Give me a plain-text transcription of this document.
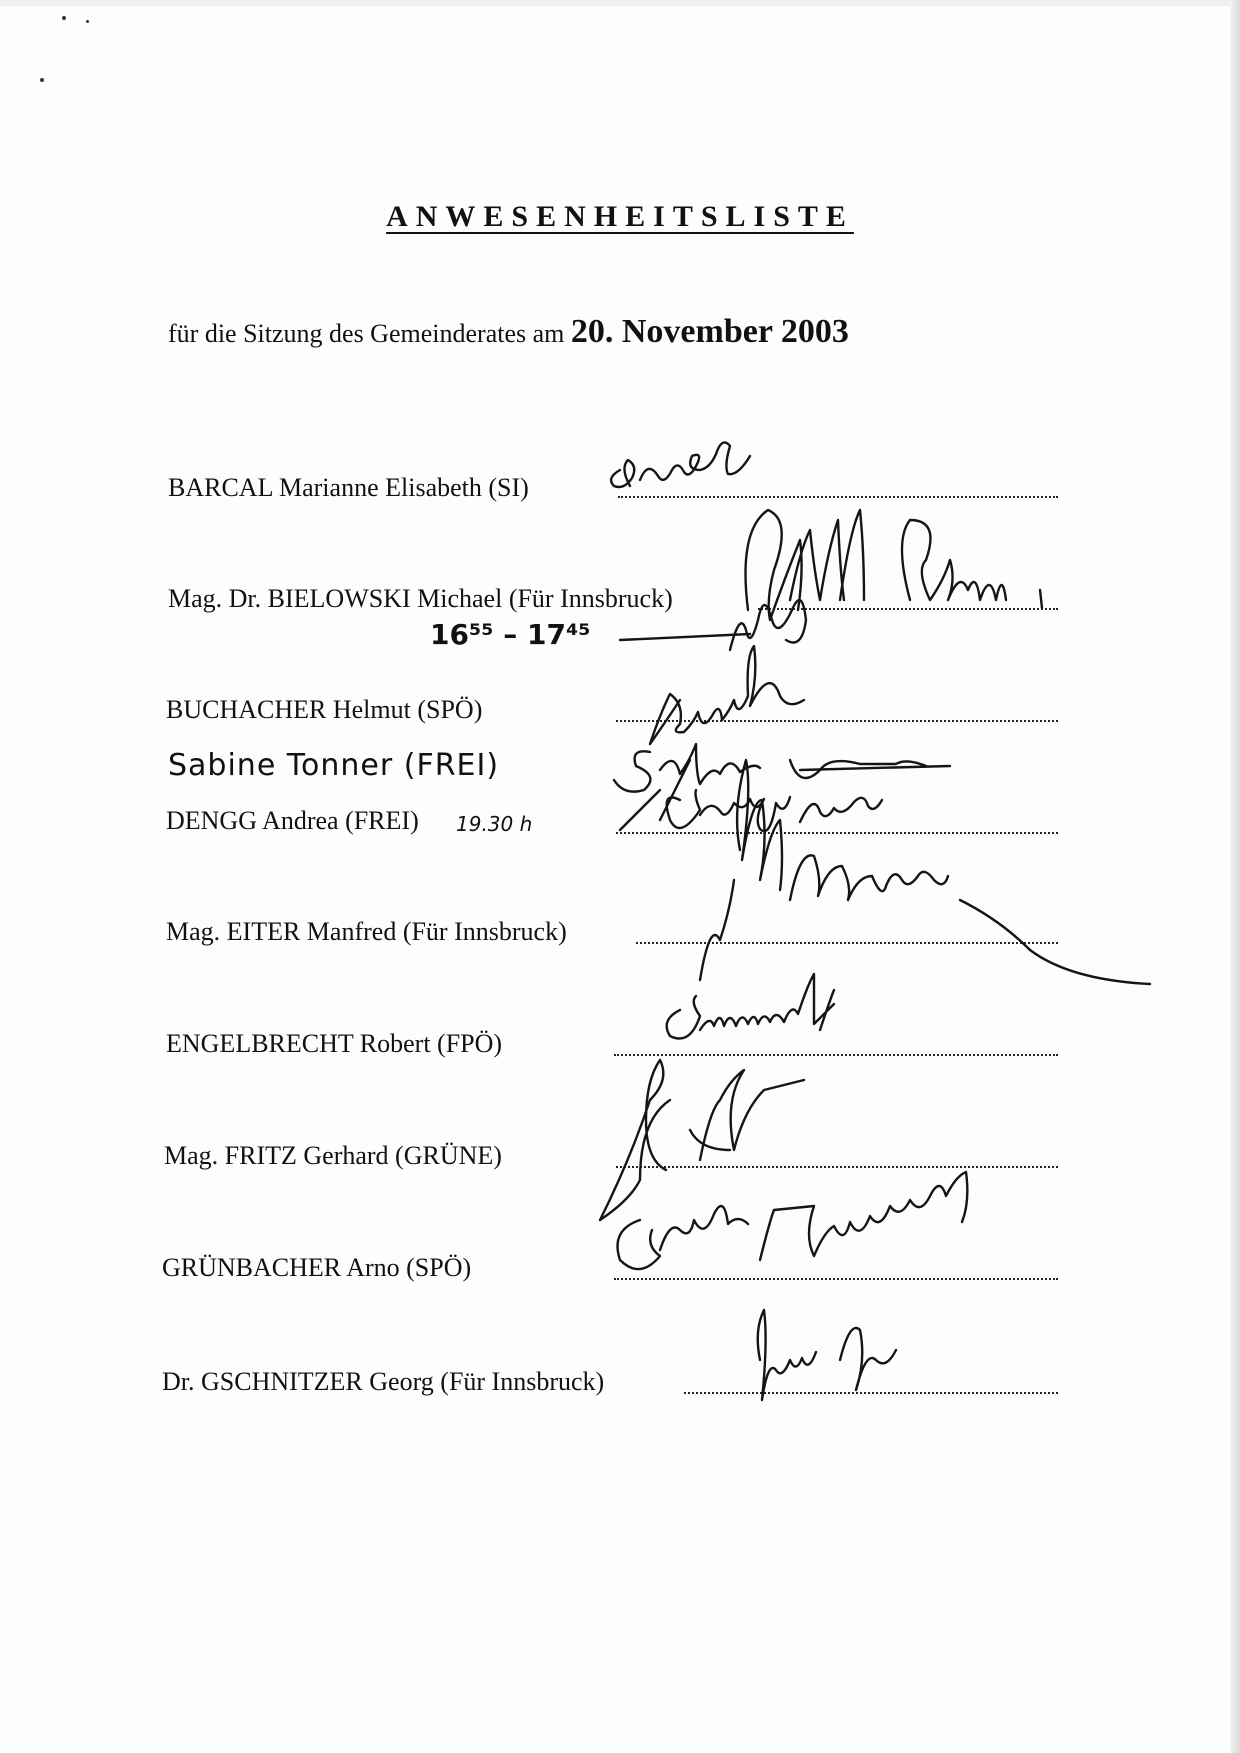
ANWESENHEITSLISTE
für die Sitzung des Gemeinderates am 20. November 2003
BARCAL Marianne Elisabeth (SI)
Mag. Dr. BIELOWSKI Michael (Für Innsbruck)
BUCHACHER Helmut (SPÖ)
DENGG Andrea (FREI)
Mag. EITER Manfred (Für Innsbruck)
ENGELBRECHT Robert (FPÖ)
Mag. FRITZ Gerhard (GRÜNE)
GRÜNBACHER Arno (SPÖ)
Dr. GSCHNITZER Georg (Für Innsbruck)
16⁵⁵ – 17⁴⁵
Sabine Tonner (FREI)
19.30 h
